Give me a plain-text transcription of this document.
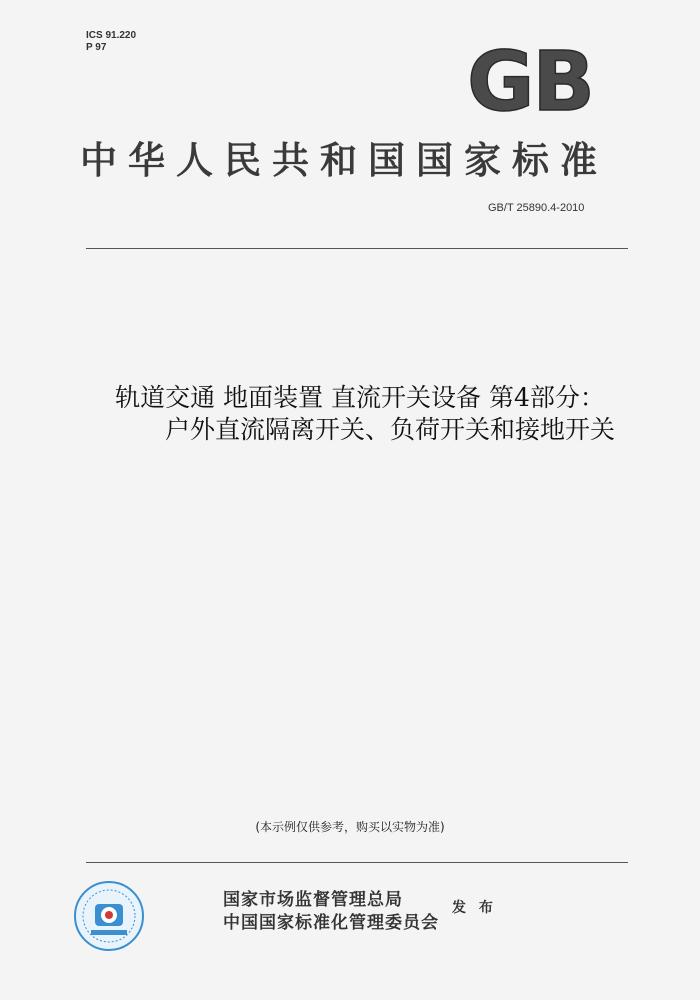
ICS 91.220
P 97	GB
中华人民共和国国家标准
GB/T 25890.4-2010
轨道交通 地面装置 直流开关设备 第4部分：
户外直流隔离开关、负荷开关和接地开关
(本示例仅供参考，购买以实物为准)
国家市场监督管理总局
中国国家标准化管理委员会
发 布
